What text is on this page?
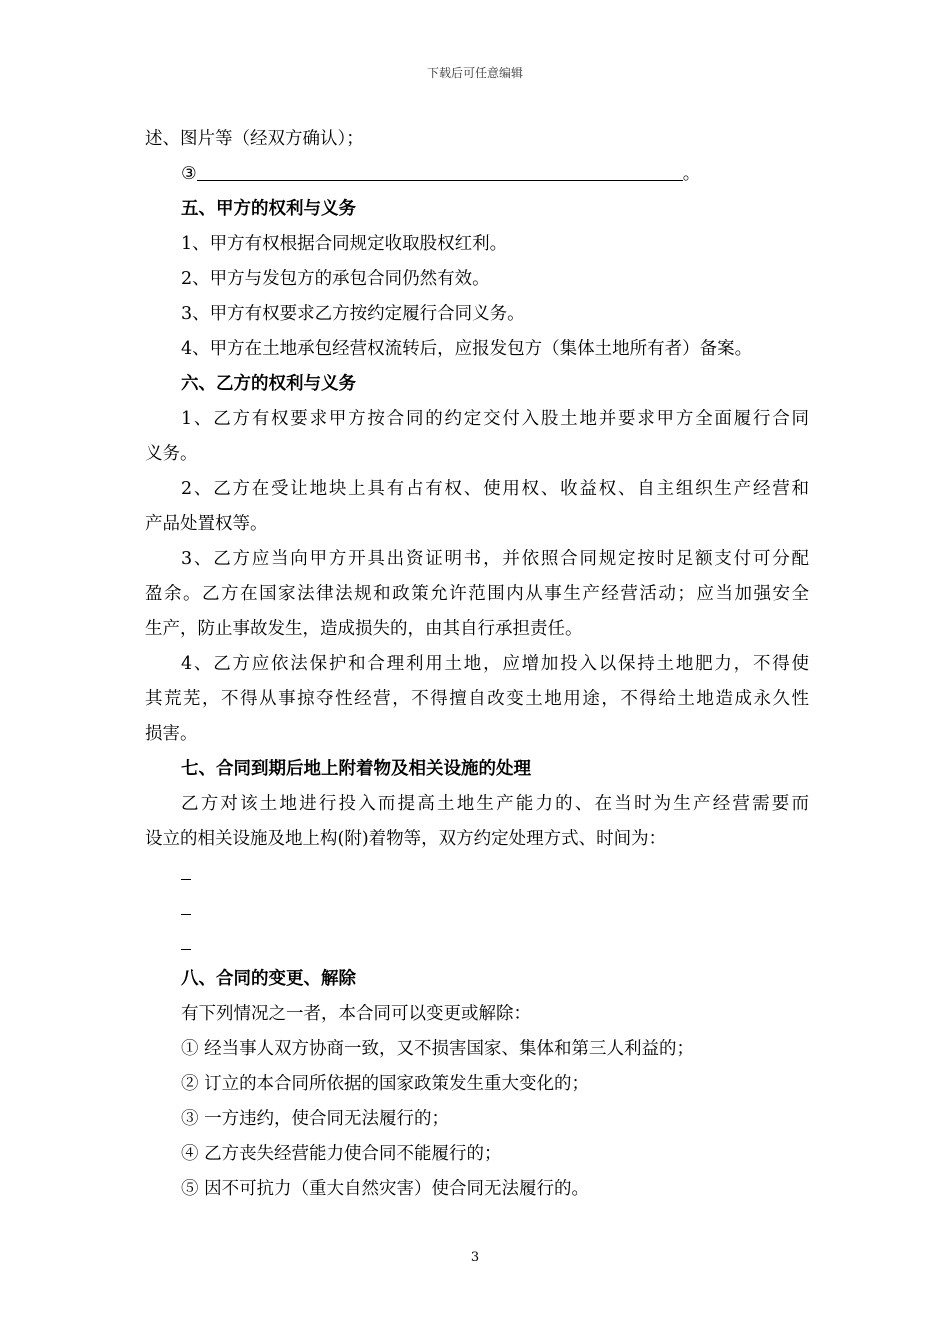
下载后可任意编辑
述、图片等（经双方确认）；
③	。
五、甲方的权利与义务
1、甲方有权根据合同规定收取股权红利。
2、甲方与发包方的承包合同仍然有效。
3、甲方有权要求乙方按约定履行合同义务。
4、甲方在土地承包经营权流转后，应报发包方（集体土地所有者）备案。
六、乙方的权利与义务
1、乙方有权要求甲方按合同的约定交付入股土地并要求甲方全面履行合同
义务。
2、乙方在受让地块上具有占有权、使用权、收益权、自主组织生产经营和
产品处置权等。
3、乙方应当向甲方开具出资证明书，并依照合同规定按时足额支付可分配
盈余。乙方在国家法律法规和政策允许范围内从事生产经营活动；应当加强安全
生产，防止事故发生，造成损失的，由其自行承担责任。
4、乙方应依法保护和合理利用土地，应增加投入以保持土地肥力，不得使
其荒芜，不得从事掠夺性经营，不得擅自改变土地用途，不得给土地造成永久性
损害。
七、合同到期后地上附着物及相关设施的处理
乙方对该土地进行投入而提高土地生产能力的、在当时为生产经营需要而
设立的相关设施及地上构(附)着物等，双方约定处理方式、时间为：
八、合同的变更、解除
有下列情况之一者，本合同可以变更或解除：
① 经当事人双方协商一致，又不损害国家、集体和第三人利益的；
② 订立的本合同所依据的国家政策发生重大变化的；
③ 一方违约，使合同无法履行的；
④ 乙方丧失经营能力使合同不能履行的；
⑤ 因不可抗力（重大自然灾害）使合同无法履行的。
3
